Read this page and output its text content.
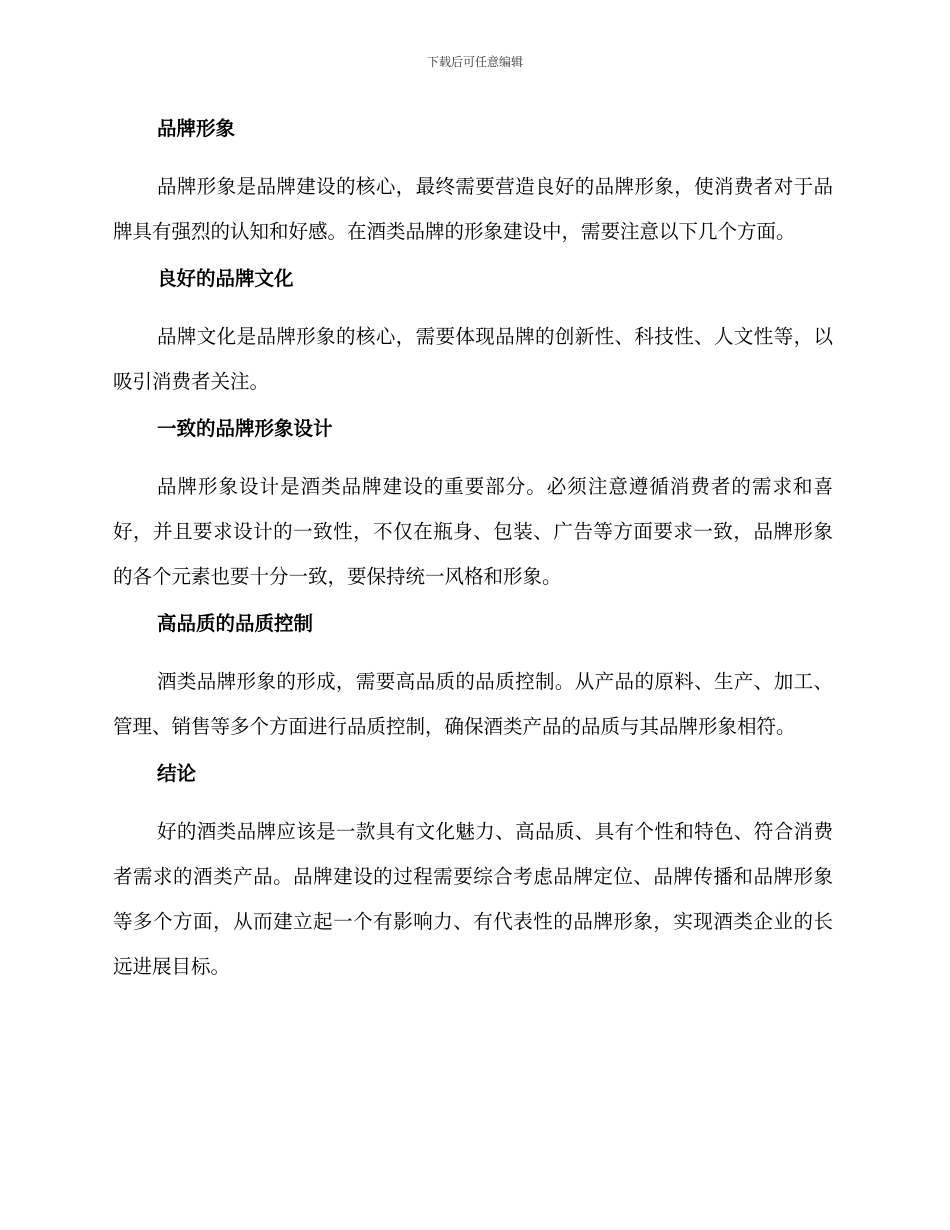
下载后可任意编辑
品牌形象

品牌形象是品牌建设的核心，最终需要营造良好的品牌形象，使消费者对于品牌具有强烈的认知和好感。在酒类品牌的形象建设中，需要注意以下几个方面。

良好的品牌文化

品牌文化是品牌形象的核心，需要体现品牌的创新性、科技性、人文性等，以吸引消费者关注。

一致的品牌形象设计

品牌形象设计是酒类品牌建设的重要部分。必须注意遵循消费者的需求和喜好，并且要求设计的一致性，不仅在瓶身、包装、广告等方面要求一致，品牌形象的各个元素也要十分一致，要保持统一风格和形象。

高品质的品质控制

酒类品牌形象的形成，需要高品质的品质控制。从产品的原料、生产、加工、管理、销售等多个方面进行品质控制，确保酒类产品的品质与其品牌形象相符。

结论

好的酒类品牌应该是一款具有文化魅力、高品质、具有个性和特色、符合消费者需求的酒类产品。品牌建设的过程需要综合考虑品牌定位、品牌传播和品牌形象等多个方面，从而建立起一个有影响力、有代表性的品牌形象，实现酒类企业的长远进展目标。
